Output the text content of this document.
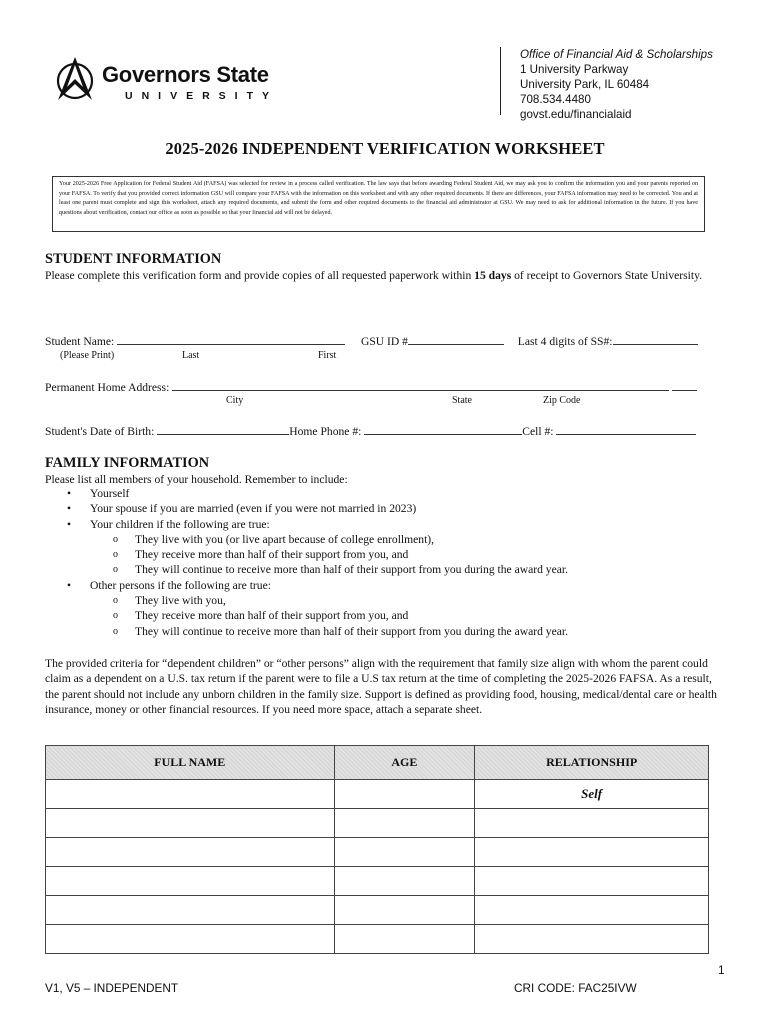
Governors State
UNIVERSITY
Office of Financial Aid & Scholarships
1 University Parkway
University Park, IL 60484
708.534.4480
govst.edu/financialaid
2025-2026 INDEPENDENT VERIFICATION WORKSHEET
Your 2025-2026 Free Application for Federal Student Aid (FAFSA) was selected for review in a process called verification. The law says that before awarding Federal Student Aid, we may ask you to confirm the information you and your parents reported on your FAFSA. To verify that you provided correct information GSU will compare your FAFSA with the information on this worksheet and with any other required documents. If there are differences, your FAFSA information may need to be corrected. You and at least one parent must complete and sign this worksheet, attach any required documents, and submit the form and other required documents to the financial aid administrator at GSU. We may need to ask for additional information in the future. If you have questions about verification, contact our office as soon as possible so that your financial aid will not be delayed.
STUDENT INFORMATION
Please complete this verification form and provide copies of all requested paperwork within 15 days of receipt to Governors State University.
Student Name:	GSU ID #	Last 4 digits of SS#:
(Please Print)	Last	First
Permanent Home Address:
City	State	Zip Code
Student's Date of Birth:	Home Phone #:	Cell #:
FAMILY INFORMATION
Please list all members of your household. Remember to include:
• Yourself
• Your spouse if you are married (even if you were not married in 2023)
• Your children if the following are true:
o They live with you (or live apart because of college enrollment),
o They receive more than half of their support from you, and
o They will continue to receive more than half of their support from you during the award year.
• Other persons if the following are true:
o They live with you,
o They receive more than half of their support from you, and
o They will continue to receive more than half of their support from you during the award year.
The provided criteria for “dependent children” or “other persons” align with the requirement that family size align with whom the parent could claim as a dependent on a U.S. tax return if the parent were to file a U.S tax return at the time of completing the 2025-2026 FAFSA. As a result, the parent should not include any unborn children in the family size. Support is defined as providing food, housing, medical/dental care or health insurance, money or other financial resources. If you need more space, attach a separate sheet.
FULL NAME	AGE	RELATIONSHIP
		Self

1
V1, V5 – INDEPENDENT	CRI CODE: FAC25IVW
